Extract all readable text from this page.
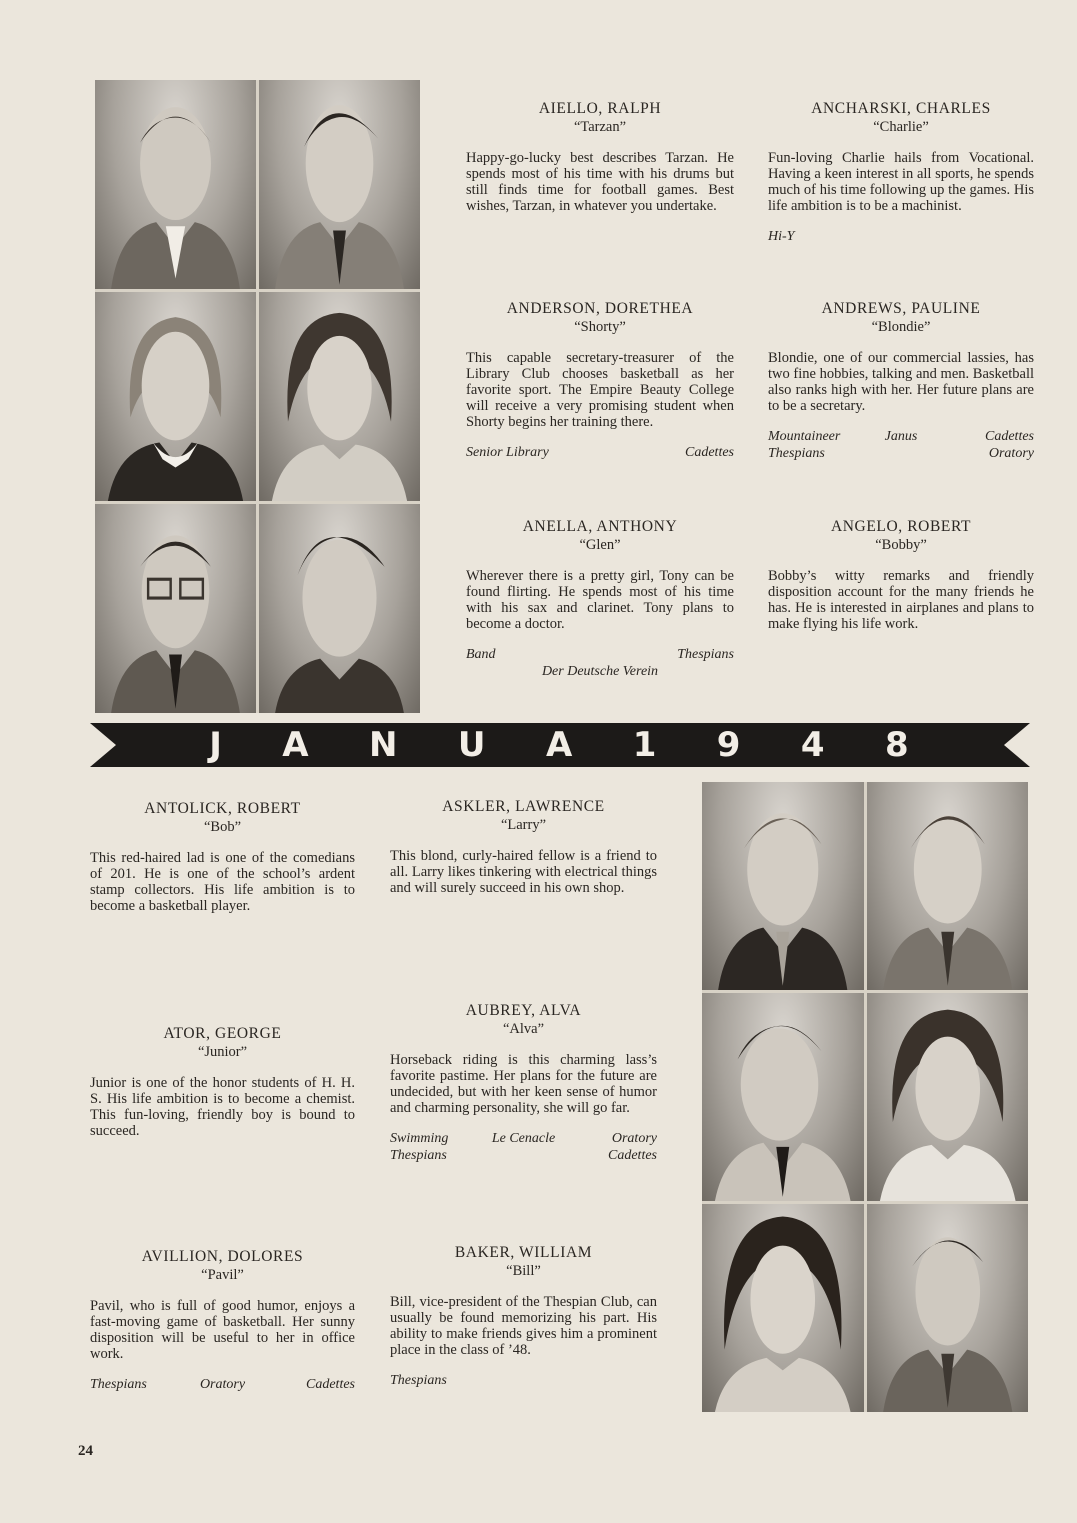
AIELLO, RALPH

“Tarzan”

Happy-go-lucky best describes Tarzan. He spends most of his time with his drums but still finds time for football games. Best wishes, Tarzan, in whatever you undertake.

ANCHARSKI, CHARLES

“Charlie”

Fun-loving Charlie hails from Vocational. Having a keen interest in all sports, he spends much of his time following up the games. His life ambition is to be a machinist.

Hi-Y

ANDERSON, DORETHEA

“Shorty”

This capable secretary-treasurer of the Library Club chooses basketball as her favorite sport. The Empire Beauty College will receive a very promising student when Shorty begins her training there.

Senior Library	Cadettes

ANDREWS, PAULINE

“Blondie”

Blondie, one of our commercial lassies, has two fine hobbies, talking and men. Basketball also ranks high with her. Her future plans are to be a secretary.

Mountaineer	Janus	Cadettes
Thespians	Oratory

ANELLA, ANTHONY

“Glen”

Wherever there is a pretty girl, Tony can be found flirting. He spends most of his time with his sax and clarinet. Tony plans to become a doctor.

Band	Thespians
Der Deutsche Verein

ANGELO, ROBERT

“Bobby”

Bobby’s witty remarks and friendly disposition account for the many friends he has. He is interested in airplanes and plans to make flying his life work.

J A N U A 1 9 4 8

ANTOLICK, ROBERT

“Bob”

This red-haired lad is one of the comedians of 201. He is one of the school’s ardent stamp collectors. His life ambition is to become a basketball player.

ATOR, GEORGE

“Junior”

Junior is one of the honor students of H. H. S. His life ambition is to become a chemist. This fun-loving, friendly boy is bound to succeed.

AVILLION, DOLORES

“Pavil”

Pavil, who is full of good humor, enjoys a fast-moving game of basketball. Her sunny disposition will be useful to her in office work.

Thespians	Oratory	Cadettes

ASKLER, LAWRENCE

“Larry”

This blond, curly-haired fellow is a friend to all. Larry likes tinkering with electrical things and will surely succeed in his own shop.

AUBREY, ALVA

“Alva”

Horseback riding is this charming lass’s favorite pastime. Her plans for the future are undecided, but with her keen sense of humor and charming personality, she will go far.

Swimming	Le Cenacle	Oratory
Thespians	Cadettes

BAKER, WILLIAM

“Bill”

Bill, vice-president of the Thespian Club, can usually be found memorizing his part. His ability to make friends gives him a prominent place in the class of ’48.

Thespians
24
